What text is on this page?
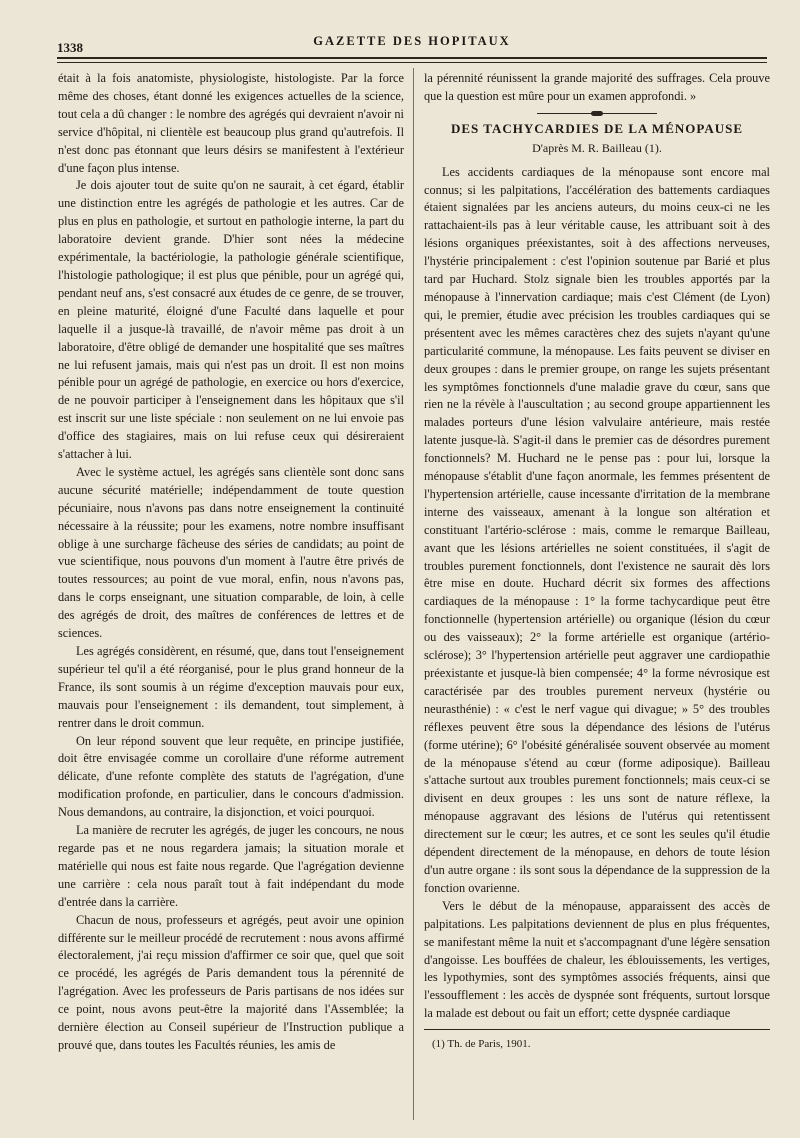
1338	GAZETTE DES HOPITAUX

était à la fois anatomiste, physiologiste, histologiste. Par la force même des choses, étant donné les exigences actuelles de la science, tout cela a dû changer : le nombre des agrégés qui devraient n'avoir ni service d'hôpital, ni clientèle est beaucoup plus grand qu'autrefois. Il n'est donc pas étonnant que leurs désirs se manifestent à l'extérieur d'une façon plus intense.

Je dois ajouter tout de suite qu'on ne saurait, à cet égard, établir une distinction entre les agrégés de pathologie et les autres. Car de plus en plus en pathologie, et surtout en pathologie interne, la part du laboratoire devient grande. D'hier sont nées la médecine expérimentale, la bactériologie, la pathologie générale scientifique, l'histologie pathologique; il est plus que pénible, pour un agrégé qui, pendant neuf ans, s'est consacré aux études de ce genre, de se trouver, en pleine maturité, éloigné d'une Faculté dans laquelle et pour laquelle il a jusque-là travaillé, de n'avoir même pas droit à un laboratoire, d'être obligé de demander une hospitalité que ses maîtres ne lui refusent jamais, mais qui n'est pas un droit. Il est non moins pénible pour un agrégé de pathologie, en exercice ou hors d'exercice, de ne pouvoir participer à l'enseignement dans les hôpitaux que s'il est inscrit sur une liste spéciale : non seulement on ne lui envoie pas d'office des stagiaires, mais on lui refuse ceux qui désireraient s'attacher à lui.

Avec le système actuel, les agrégés sans clientèle sont donc sans aucune sécurité matérielle; indépendamment de toute question pécuniaire, nous n'avons pas dans notre enseignement la continuité nécessaire à la réussite; pour les examens, notre nombre insuffisant oblige à une surcharge fâcheuse des séries de candidats; au point de vue scientifique, nous pouvons d'un moment à l'autre être privés de toutes ressources; au point de vue moral, enfin, nous n'avons pas, dans le corps enseignant, une situation comparable, de loin, à celle des agrégés de droit, des maîtres de conférences de lettres et de sciences.

Les agrégés considèrent, en résumé, que, dans tout l'enseignement supérieur tel qu'il a été réorganisé, pour le plus grand honneur de la France, ils sont soumis à un régime d'exception mauvais pour eux, mauvais pour l'enseignement : ils demandent, tout simplement, à rentrer dans le droit commun.

On leur répond souvent que leur requête, en principe justifiée, doit être envisagée comme un corollaire d'une réforme autrement délicate, d'une refonte complète des statuts de l'agrégation, d'une modification profonde, en particulier, dans le concours d'admission. Nous demandons, au contraire, la disjonction, et voici pourquoi.

La manière de recruter les agrégés, de juger les concours, ne nous regarde pas et ne nous regardera jamais; la situation morale et matérielle qui nous est faite nous regarde. Que l'agrégation devienne une carrière : cela nous paraît tout à fait indépendant du mode d'entrée dans la carrière.

Chacun de nous, professeurs et agrégés, peut avoir une opinion différente sur le meilleur procédé de recrutement : nous avons affirmé électoralement, j'ai reçu mission d'affirmer ce soir que, quel que soit ce procédé, les agrégés de Paris demandent tous la pérennité de l'agrégation. Avec les professeurs de Paris partisans de nos idées sur ce point, nous avons peut-être la majorité dans l'Assemblée; la dernière élection au Conseil supérieur de l'Instruction publique a prouvé que, dans toutes les Facultés réunies, les amis de

la pérennité réunissent la grande majorité des suffrages. Cela prouve que la question est mûre pour un examen approfondi. »

DES TACHYCARDIES DE LA MÉNOPAUSE
D'après M. R. Bailleau (1).

Les accidents cardiaques de la ménopause sont encore mal connus; si les palpitations, l'accélération des battements cardiaques étaient signalées par les anciens auteurs, du moins ceux-ci ne les rattachaient-ils pas à leur véritable cause, les attribuant soit à des lésions organiques préexistantes, soit à des affections nerveuses, l'hystérie principalement : c'est l'opinion soutenue par Barié et plus tard par Huchard. Stolz signale bien les troubles apportés par la ménopause à l'innervation cardiaque; mais c'est Clément (de Lyon) qui, le premier, étudie avec précision les troubles cardiaques qui se présentent avec les mêmes caractères chez des sujets n'ayant qu'une particularité commune, la ménopause. Les faits peuvent se diviser en deux groupes : dans le premier groupe, on range les sujets présentant les symptômes fonctionnels d'une maladie grave du cœur, sans que rien ne la révèle à l'auscultation ; au second groupe appartiennent les malades porteurs d'une lésion valvulaire antérieure, mais restée latente jusque-là. S'agit-il dans le premier cas de désordres purement fonctionnels? M. Huchard ne le pense pas : pour lui, lorsque la ménopause s'établit d'une façon anormale, les femmes présentent de l'hypertension artérielle, cause incessante d'irritation de la membrane interne des vaisseaux, amenant à la longue son altération et constituant l'artério-sclérose : mais, comme le remarque Bailleau, avant que les lésions artérielles ne soient constituées, il s'agit de troubles purement fonctionnels, dont l'existence ne saurait dès lors être mise en doute. Huchard décrit six formes des affections cardiaques de la ménopause : 1° la forme tachycardique peut être fonctionnelle (hypertension artérielle) ou organique (lésion du cœur ou des vaisseaux); 2° la forme artérielle est organique (artério-sclérose); 3° l'hypertension artérielle peut aggraver une cardiopathie préexistante et jusque-là bien compensée; 4° la forme névrosique est caractérisée par des troubles purement nerveux (hystérie ou neurasthénie) : « c'est le nerf vague qui divague; » 5° des troubles réflexes peuvent être sous la dépendance des lésions de l'utérus (forme utérine); 6° l'obésité généralisée souvent observée au moment de la ménopause s'étend au cœur (forme adiposique). Bailleau s'attache surtout aux troubles purement fonctionnels; mais ceux-ci se divisent en deux groupes : les uns sont de nature réflexe, la ménopause aggravant des lésions de l'utérus qui retentissent directement sur le cœur; les autres, et ce sont les seules qu'il étudie dépendent directement de la ménopause, en dehors de toute lésion d'un autre organe : ils sont sous la dépendance de la suppression de la fonction ovarienne.

Vers le début de la ménopause, apparaissent des accès de palpitations. Les palpitations deviennent de plus en plus fréquentes, se manifestant même la nuit et s'accompagnant d'une légère sensation d'angoisse. Les bouffées de chaleur, les éblouissements, les vertiges, les lypothymies, sont des symptômes associés fréquents, ainsi que l'essoufflement : les accès de dyspnée sont fréquents, surtout lorsque la malade est debout ou fait un effort; cette dyspnée cardiaque

(1) Th. de Paris, 1901.
